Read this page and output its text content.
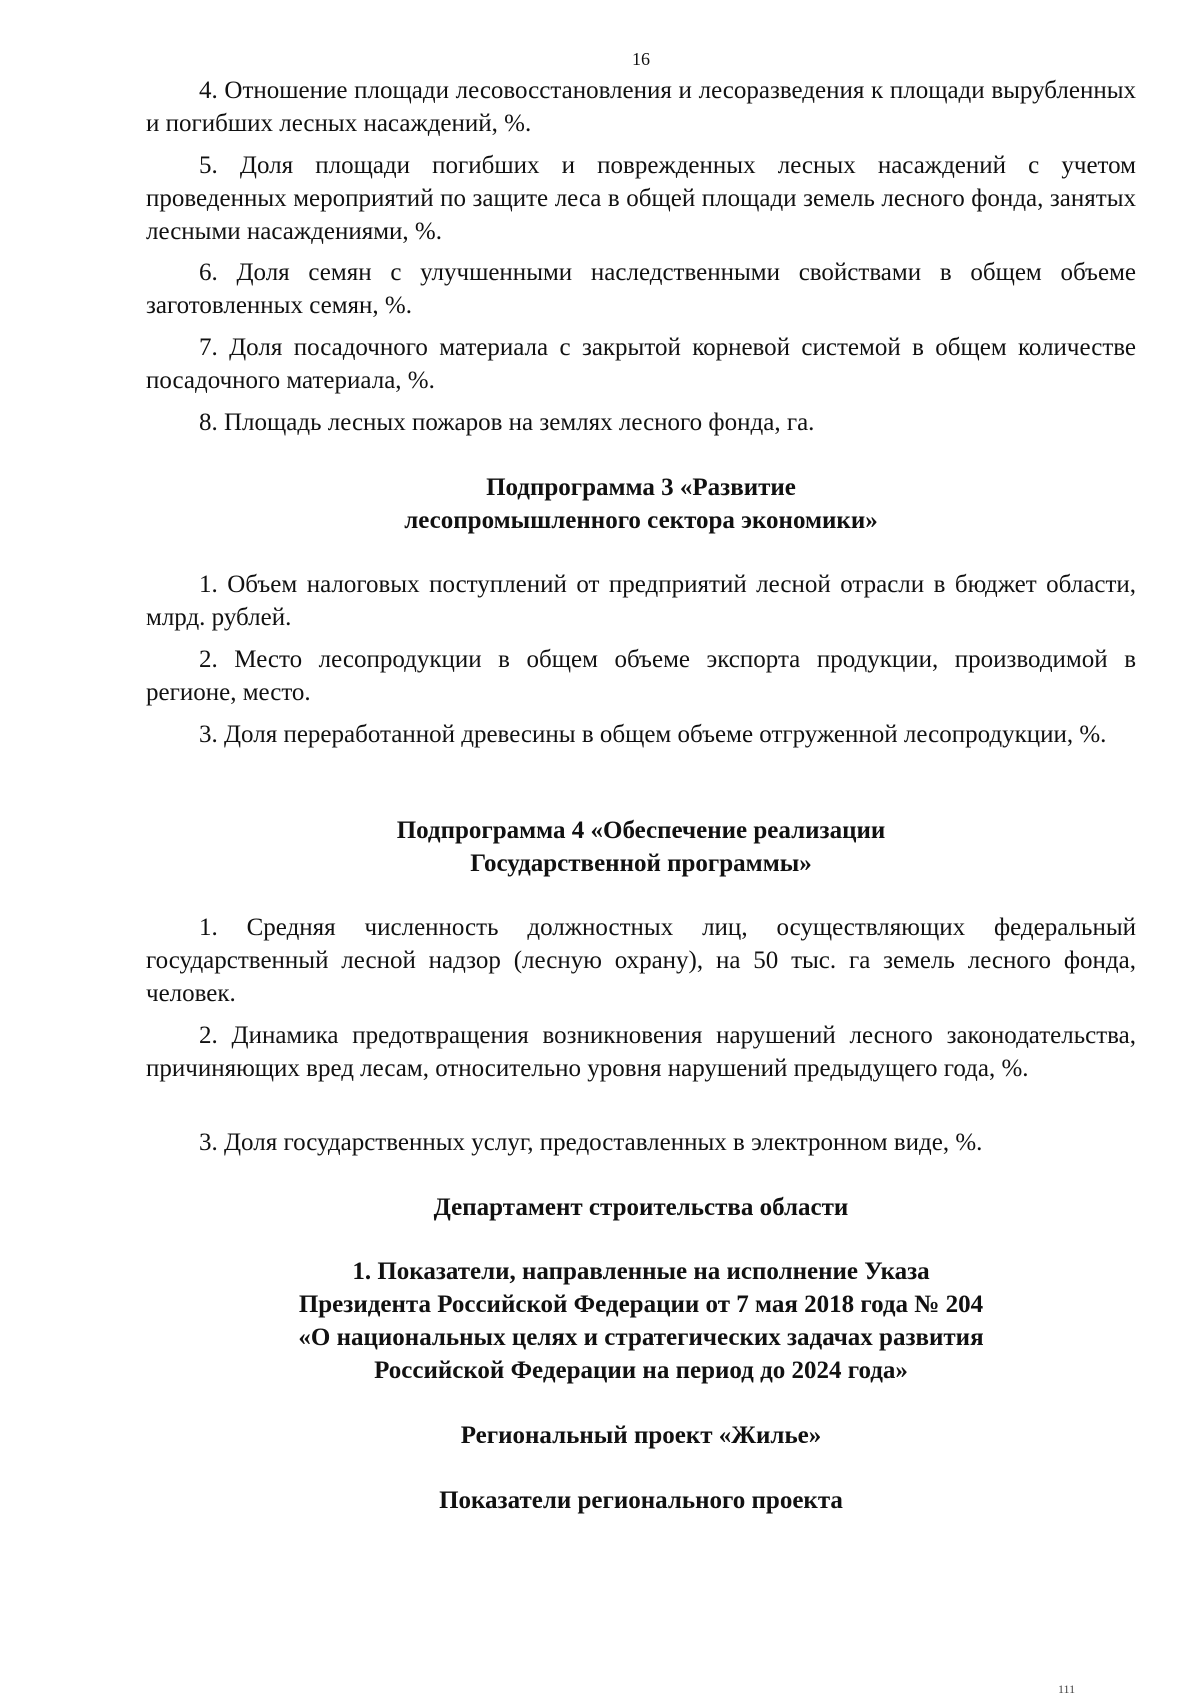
16

4. Отношение площади лесовосстановления и лесоразведения к площади вырубленных и погибших лесных насаждений, %.

5. Доля площади погибших и поврежденных лесных насаждений с учетом проведенных мероприятий по защите леса в общей площади земель лесного фонда, занятых лесными насаждениями, %.

6. Доля семян с улучшенными наследственными свойствами в общем объеме заготовленных семян, %.

7. Доля посадочного материала с закрытой корневой системой в общем количестве посадочного материала, %.

8. Площадь лесных пожаров на землях лесного фонда, га.

Подпрограмма 3 «Развитие

лесопромышленного сектора экономики»

1. Объем налоговых поступлений от предприятий лесной отрасли в бюджет области, млрд. рублей.

2. Место лесопродукции в общем объеме экспорта продукции, производимой в регионе, место.

3. Доля переработанной древесины в общем объеме отгруженной лесопродукции, %.

Подпрограмма 4 «Обеспечение реализации

Государственной программы»

1. Средняя численность должностных лиц, осуществляющих федеральный государственный лесной надзор (лесную охрану), на 50 тыс. га земель лесного фонда, человек.

2. Динамика предотвращения возникновения нарушений лесного законодательства, причиняющих вред лесам, относительно уровня нарушений предыдущего года, %.

3. Доля государственных услуг, предоставленных в электронном виде, %.

Департамент строительства области

1. Показатели, направленные на исполнение Указа

Президента Российской Федерации от 7 мая 2018 года № 204

«О национальных целях и стратегических задачах развития

Российской Федерации на период до 2024 года»

Региональный проект «Жилье»

Показатели регионального проекта

111
